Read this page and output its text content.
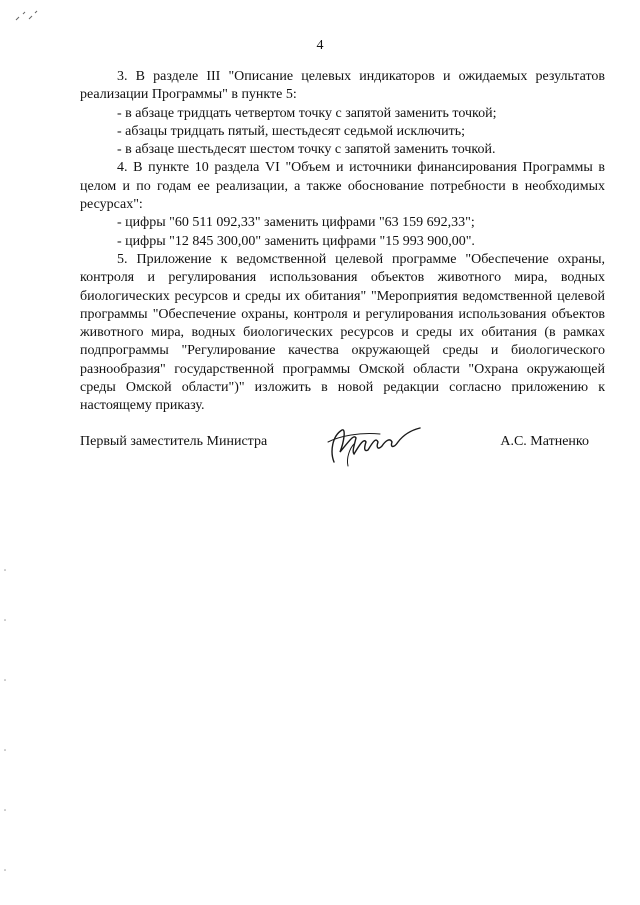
4

3. В разделе III "Описание целевых индикаторов и ожидаемых результатов реализации Программы" в пункте 5:

- в абзаце тридцать четвертом точку с запятой заменить точкой;

- абзацы тридцать пятый, шестьдесят седьмой исключить;

- в абзаце шестьдесят шестом точку с запятой заменить точкой.

4. В пункте 10 раздела VI "Объем и источники финансирования Программы в целом и по годам ее реализации, а также обоснование потребности в необходимых ресурсах":

- цифры "60 511 092,33" заменить цифрами "63 159 692,33";

- цифры "12 845 300,00" заменить цифрами "15 993 900,00".

5. Приложение к ведомственной целевой программе "Обеспечение охраны, контроля и регулирования использования объектов животного мира, водных биологических ресурсов и среды их обитания" "Мероприятия ведомственной целевой программы "Обеспечение охраны, контроля и регулирования использования объектов животного мира, водных биологических ресурсов и среды их обитания (в рамках подпрограммы "Регулирование качества окружающей среды и биологического разнообразия" государственной программы Омской области "Охрана окружающей среды Омской области")" изложить в новой редакции согласно приложению к настоящему приказу.

Первый заместитель Министра	А.С. Матненко
